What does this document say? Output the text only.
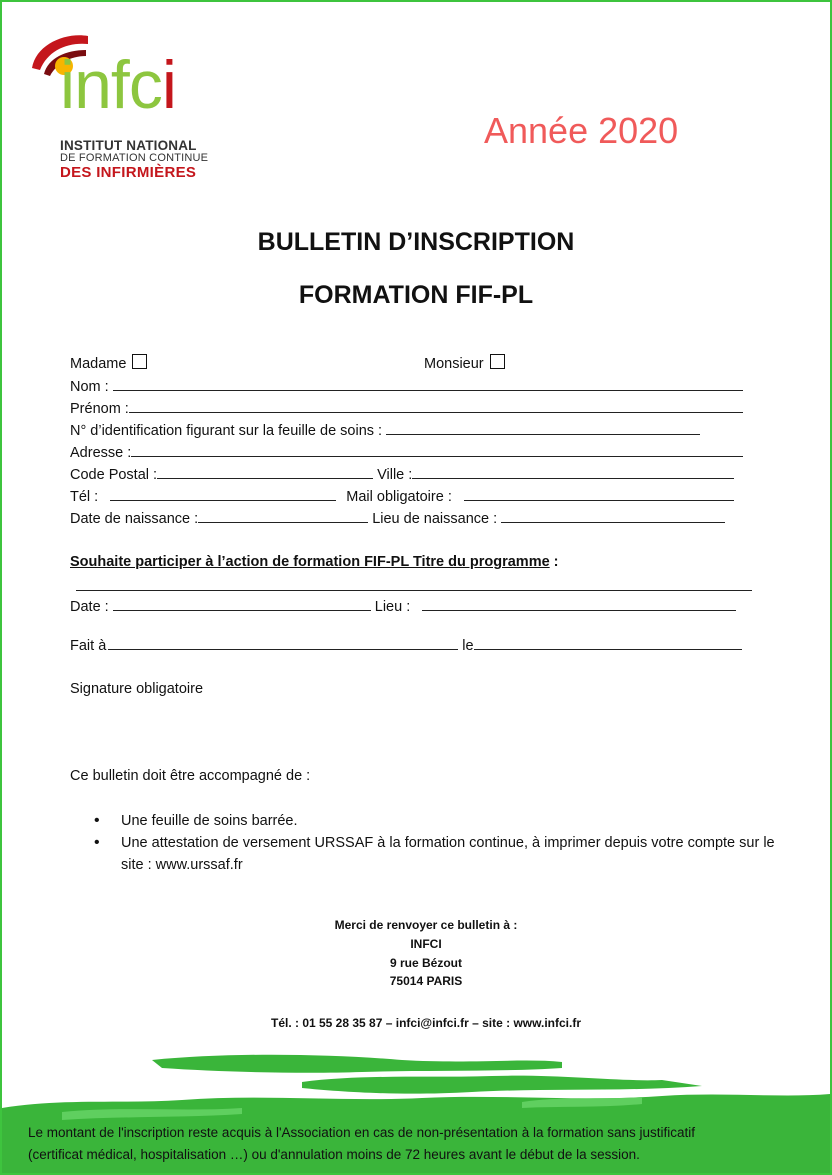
infci
INSTITUT NATIONAL
DE FORMATION CONTINUE
DES INFIRMIÈRES
Année 2020
BULLETIN D’INSCRIPTION
FORMATION FIF-PL
Madame	Monsieur
Nom :
Prénom :
N° d’identification figurant sur la feuille de soins :
Adresse :
Code Postal :	Ville :
Tél :	Mail obligatoire :
Date de naissance :	Lieu de naissance :
Souhaite participer à l’action de formation FIF-PL Titre du programme :
Date :	Lieu :
Fait à	le
Signature obligatoire
Ce bulletin doit être accompagné de :
• Une feuille de soins barrée.
• Une attestation de versement URSSAF à la formation continue, à imprimer depuis votre compte sur le site : www.urssaf.fr
Merci de renvoyer ce bulletin à :
INFCI
9 rue Bézout
75014 PARIS
Tél. : 01 55 28 35 87 – infci@infci.fr – site : www.infci.fr
Le montant de l'inscription reste acquis à l'Association en cas de non-présentation à la formation sans justificatif
(certificat médical, hospitalisation …) ou d'annulation moins de 72 heures avant le début de la session.
